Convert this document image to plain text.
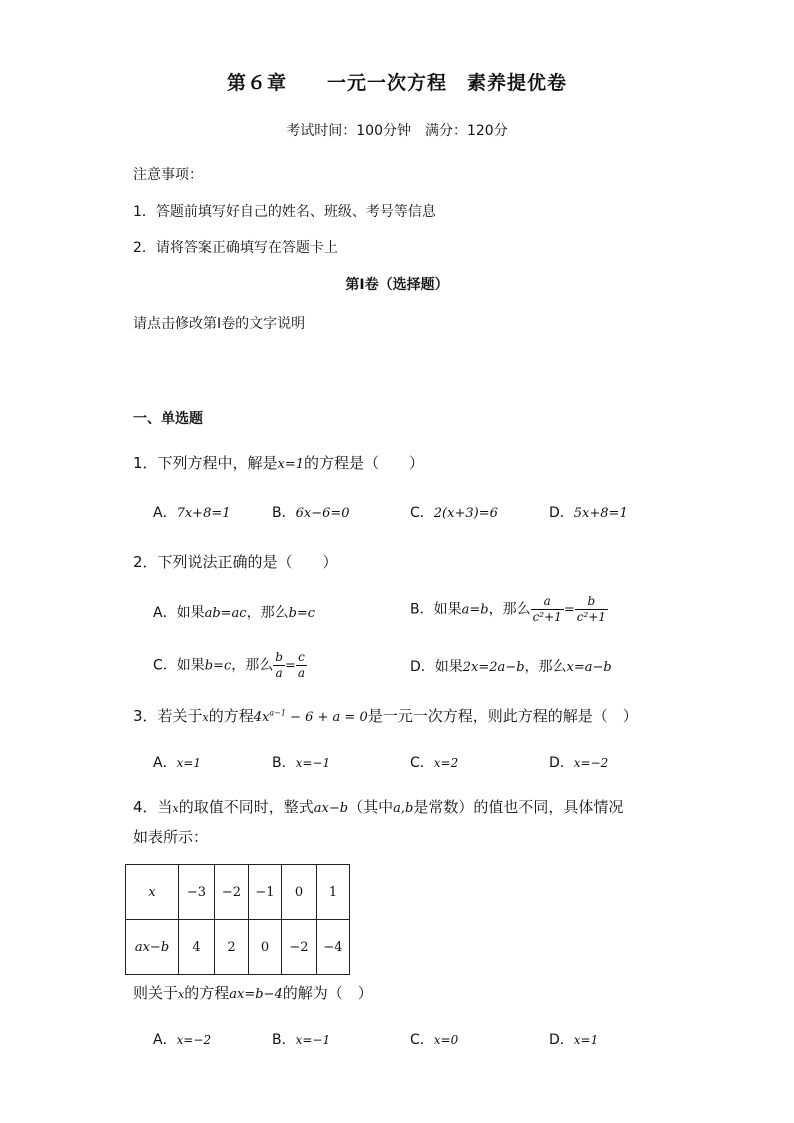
第６章　　一元一次方程　素养提优卷
考试时间：100分钟　满分：120分
注意事项：
1．答题前填写好自己的姓名、班级、考号等信息
2．请将答案正确填写在答题卡上
第I卷（选择题）
请点击修改第I卷的文字说明
一、单选题
1．下列方程中，解是x=1的方程是（　　）
A．7x+8=1	B．6x−6=0	C．2(x+3)=6	D．5x+8=1
2．下列说法正确的是（　　）
A．如果ab=ac，那么b=c	B．如果a=b，那么 $\frac{a}{\text{c²+1}} = \frac{b}{\text{c²+1}}$
C．如果b=c，那么 $\frac{b}{a} = \frac{c}{a}$	D．如果2x=2a−b，那么x=a−b
3．若关于x的方程$4x^{a-1} - 6 + a = 0$是一元一次方程，则此方程的解是（　）
A．x=1	B．x=−1	C．x=2	D．x=−2
4．当x的取值不同时，整式ax−b（其中a,b是常数）的值也不同，具体情况
如表所示：
x	−3	−2	−1	0	1
ax−b	4	2	0	−2	−4
则关于x的方程ax=b−4的解为（　）
A．x=−2	B．x=−1	C．x=0	D．x=1
